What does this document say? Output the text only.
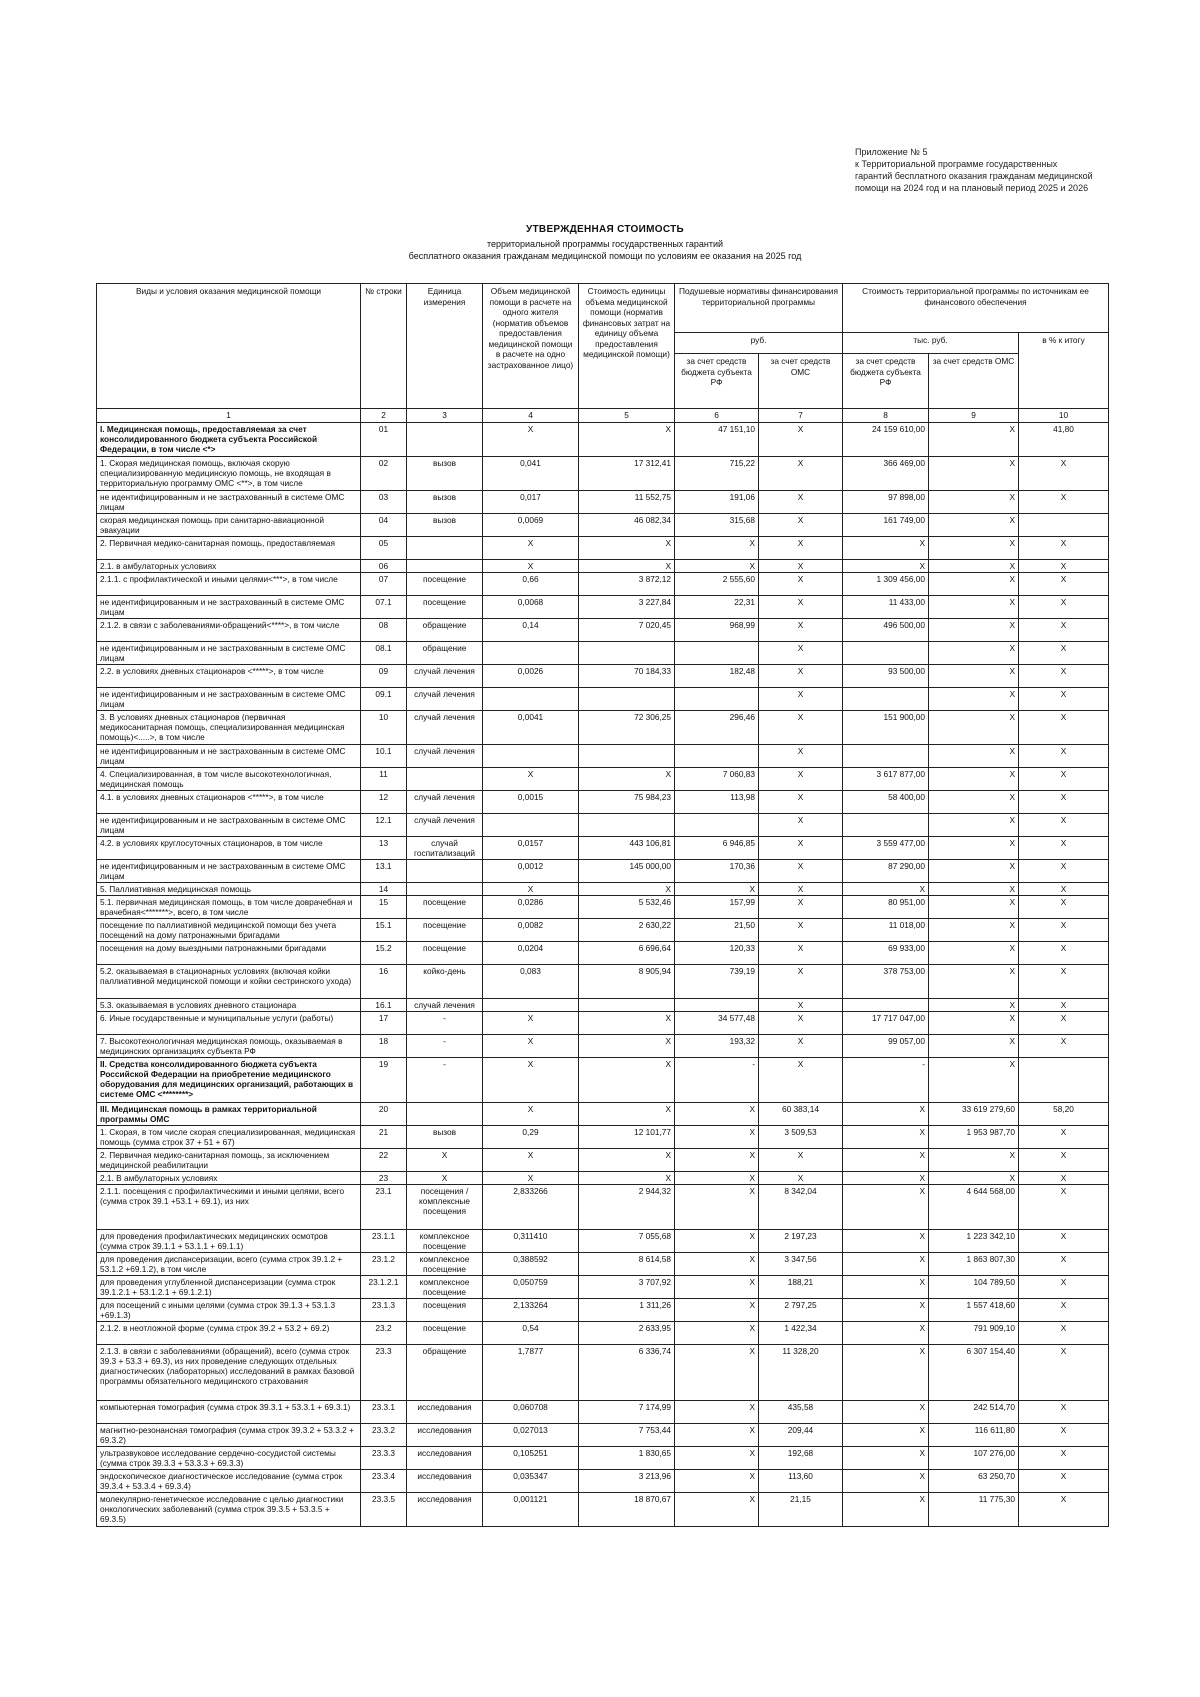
Приложение № 5
к Территориальной программе государственных
гарантий бесплатного оказания гражданам медицинской
помощи на 2024 год и на плановый период 2025 и 2026
УТВЕРЖДЕННАЯ СТОИМОСТЬ
территориальной программы государственных гарантий
бесплатного оказания гражданам медицинской помощи по условиям ее оказания на 2025 год
Виды и условия оказания медицинской помощи	№ строки	Единица измерения	Объем медицинской помощи в расчете на одного жителя (норматив объемов предоставления медицинской помощи в расчете на одно застрахованное лицо)	Стоимость единицы объема медицинской помощи (норматив финансовых затрат на единицу объема предоставления медицинской помощи)	Подушевые нормативы финансирования территориальной программы		Стоимость территориальной программы по источникам ее финансового обеспечения		
					руб.		тыс. руб.		в % к итогу
					за счет средств бюджета субъекта РФ	за счет средств ОМС	за счет средств бюджета субъекта РФ	за счет средств ОМС	
1	2	3	4	5	6	7	8	9	10
I. Медицинская помощь, предоставляемая за счет консолидированного бюджета субъекта Российской Федерации, в том числе <*>	01		X	X	47 151,10	X	24 159 610,00	X	41,80
1. Скорая медицинская помощь, включая скорую специализированную медицинскую помощь, не входящая в территориальную программу ОМС <**>, в том числе	02	вызов	0,041	17 312,41	715,22	X	366 469,00	X	X
не идентифицированным и не застрахованный в системе ОМС лицам	03	вызов	0,017	11 552,75	191,06	X	97 898,00	X	X
скорая медицинская помощь при санитарно-авиационной эвакуации	04	вызов	0,0069	46 082,34	315,68	X	161 749,00	X	
2. Первичная медико-санитарная помощь, предоставляемая	05		X	X	X	X	X	X	X
2.1. в амбулаторных условиях	06		X	X	X	X	X	X	X
2.1.1. с профилактической и иными целями<***>, в том числе	07	посещение	0,66	3 872,12	2 555,60	X	1 309 456,00	X	X
не идентифицированным и не застрахованный в системе ОМС лицам	07.1	посещение	0,0068	3 227,84	22,31	X	11 433,00	X	X
2.1.2. в связи с заболеваниями-обращений<****>, в том числе	08	обращение	0,14	7 020,45	968,99	X	496 500,00	X	X
не идентифицированным и не застрахованным в системе ОМС лицам	08.1	обращение				X		X	X
2.2. в условиях дневных стационаров <*****>, в том числе	09	случай лечения	0,0026	70 184,33	182,48	X	93 500,00	X	X
не идентифицированным и не застрахованным в системе ОМС лицам	09.1	случай лечения				X		X	X
3. В условиях дневных стационаров (первичная медикосанитарная помощь, специализированная медицинская помощь)<.....>, в том числе	10	случай лечения	0,0041	72 306,25	296,46	X	151 900,00	X	X
не идентифицированным и не застрахованным в системе ОМС лицам	10.1	случай лечения				X		X	X
4. Специализированная, в том числе высокотехнологичная, медицинская помощь	11		X	X	7 060,83	X	3 617 877,00	X	X
4.1. в условиях дневных стационаров <*****>, в том числе	12	случай лечения	0,0015	75 984,23	113,98	X	58 400,00	X	X
не идентифицированным и не застрахованным в системе ОМС лицам	12.1	случай лечения				X		X	X
4.2. в условиях круглосуточных стационаров, в том числе	13	случай госпитализаций	0,0157	443 106,81	6 946,85	X	3 559 477,00	X	X
не идентифицированным и не застрахованным в системе ОМС лицам	13.1		0,0012	145 000,00	170,36	X	87 290,00	X	X
5. Паллиативная медицинская помощь	14		X	X	X	X	X	X	X
5.1. первичная медицинская помощь, в том числе доврачебная и врачебная<*******>, всего, в том числе	15	посещение	0,0286	5 532,46	157,99	X	80 951,00	X	X
посещение по паллиативной медицинской помощи без учета посещений на дому патронажными бригадами	15.1	посещение	0,0082	2 630,22	21,50	X	11 018,00	X	X
посещения на дому выездными патронажными бригадами	15.2	посещение	0,0204	6 696,64	120,33	X	69 933,00	X	X
5.2. оказываемая в стационарных условиях (включая койки паллиативной медицинской помощи и койки сестринского ухода)	16	койко-день	0,083	8 905,94	739,19	X	378 753,00	X	X
5.3. оказываемая в условиях дневного стационара	16.1	случай лечения				X		X	X
6. Иные государственные и муниципальные услуги (работы)	17	-	X	X	34 577,48	X	17 717 047,00	X	X
7. Высокотехнологичная медицинская помощь, оказываемая в медицинских организациях субъекта РФ	18	-	X	X	193,32	X	99 057,00	X	X
II. Средства консолидированного бюджета субъекта Российской Федерации на приобретение медицинского оборудования для медицинских организаций, работающих в системе ОМС <********>	19	-	X	X	-	X	-	X	
III. Медицинская помощь в рамках территориальной программы ОМС	20		X	X	X	60 383,14	X	33 619 279,60	58,20
1. Скорая, в том числе скорая специализированная, медицинская помощь (сумма строк 37 + 51 + 67)	21	вызов	0,29	12 101,77	X	3 509,53	X	1 953 987,70	X
2. Первичная медико-санитарная помощь, за исключением медицинской реабилитации	22	X	X	X	X	X	X	X	X
2.1. В амбулаторных условиях	23	X	X	X	X	X	X	X	X
2.1.1. посещения с профилактическими и иными целями, всего (сумма строк 39.1 +53.1 + 69.1), из них	23.1	посещения / комплексные посещения	2,833266	2 944,32	X	8 342,04	X	4 644 568,00	X
для проведения профилактических медицинских осмотров (сумма строк 39.1.1 + 53.1.1 + 69.1.1)	23.1.1	комплексное посещение	0,311410	7 055,68	X	2 197,23	X	1 223 342,10	X
для проведения диспансеризации, всего (сумма строк 39.1.2 + 53.1.2 +69.1.2), в том числе	23.1.2	комплексное посещение	0,388592	8 614,58	X	3 347,56	X	1 863 807,30	X
для проведения углубленной диспансеризации (сумма строк 39.1.2.1 + 53.1.2.1 + 69.1.2.1)	23.1.2.1	комплексное посещение	0,050759	3 707,92	X	188,21	X	104 789,50	X
для посещений с иными целями (сумма строк 39.1.3 + 53.1.3 +69.1.3)	23.1.3	посещения	2,133264	1 311,26	X	2 797,25	X	1 557 418,60	X
2.1.2. в неотложной форме (сумма строк 39.2 + 53.2 + 69.2)	23.2	посещение	0,54	2 633,95	X	1 422,34	X	791 909,10	X
2.1.3. в связи с заболеваниями (обращений), всего (сумма строк 39.3 + 53.3 + 69.3), из них проведение следующих отдельных диагностических (лабораторных) исследований в рамках базовой программы обязательного медицинского страхования	23.3	обращение	1,7877	6 336,74	X	11 328,20	X	6 307 154,40	X
компьютерная томография (сумма строк 39.3.1 + 53.3.1 + 69.3.1)	23.3.1	исследования	0,060708	7 174,99	X	435,58	X	242 514,70	X
магнитно-резонансная томография (сумма строк 39.3.2 + 53.3.2 + 69.3.2)	23.3.2	исследования	0,027013	7 753,44	X	209,44	X	116 611,80	X
ультразвуковое исследование сердечно-сосудистой системы (сумма строк 39.3.3 + 53.3.3 + 69.3.3)	23.3.3	исследования	0,105251	1 830,65	X	192,68	X	107 276,00	X
эндоскопическое диагностическое исследование (сумма строк 39.3.4 + 53.3.4 + 69.3.4)	23.3.4	исследования	0,035347	3 213,96	X	113,60	X	63 250,70	X
молекулярно-генетическое исследование с целью диагностики онкологических заболеваний (сумма строк 39.3.5 + 53.3.5 + 69.3.5)	23.3.5	исследования	0,001121	18 870,67	X	21,15	X	11 775,30	X
